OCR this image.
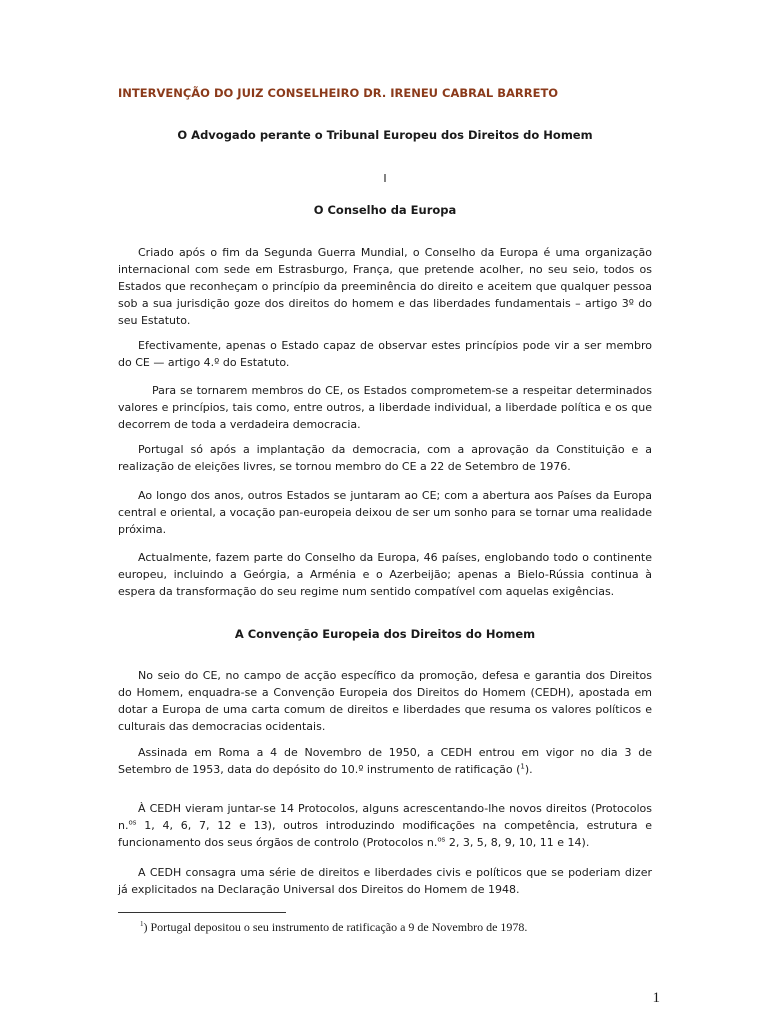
INTERVENÇÃO DO JUIZ CONSELHEIRO DR. IRENEU CABRAL BARRETO
O Advogado perante o Tribunal Europeu dos Direitos do Homem
I
O Conselho da Europa

Criado após o fim da Segunda Guerra Mundial, o Conselho da Europa é uma organização internacional com sede em Estrasburgo, França, que pretende acolher, no seu seio, todos os Estados que reconheçam o princípio da preeminência do direito e aceitem que qualquer pessoa sob a sua jurisdição goze dos direitos do homem e das liberdades fundamentais – artigo 3º do seu Estatuto.

Efectivamente, apenas o Estado capaz de observar estes princípios pode vir a ser membro do CE — artigo 4.º do Estatuto.

Para se tornarem membros do CE, os Estados comprometem-se a respeitar determinados valores e princípios, tais como, entre outros, a liberdade individual, a liberdade política e os que decorrem de toda a verdadeira democracia.

Portugal só após a implantação da democracia, com a aprovação da Constituição e a realização de eleições livres, se tornou membro do CE a 22 de Setembro de 1976.

Ao longo dos anos, outros Estados se juntaram ao CE; com a abertura aos Países da Europa central e oriental, a vocação pan-europeia deixou de ser um sonho para se tornar uma realidade próxima.

Actualmente, fazem parte do Conselho da Europa, 46 países, englobando todo o continente europeu, incluindo a Geórgia, a Arménia e o Azerbeijão; apenas a Bielo-Rússia continua à espera da transformação do seu regime num sentido compatível com aquelas exigências.

A Convenção Europeia dos Direitos do Homem

No seio do CE, no campo de acção específico da promoção, defesa e garantia dos Direitos do Homem, enquadra-se a Convenção Europeia dos Direitos do Homem (CEDH), apostada em dotar a Europa de uma carta comum de direitos e liberdades que resuma os valores políticos e culturais das democracias ocidentais.

Assinada em Roma a 4 de Novembro de 1950, a CEDH entrou em vigor no dia 3 de Setembro de 1953, data do depósito do 10.º instrumento de ratificação ($^1$).

À CEDH vieram juntar-se 14 Protocolos, alguns acrescentando-lhe novos direitos (Protocolos n.$^{os}$ 1, 4, 6, 7, 12 e 13), outros introduzindo modificações na competência, estrutura e funcionamento dos seus órgãos de controlo (Protocolos n.$^{os}$ 2, 3, 5, 8, 9, 10, 11 e 14).

A CEDH consagra uma série de direitos e liberdades civis e políticos que se poderiam dizer já explicitados na Declaração Universal dos Direitos do Homem de 1948.

$^1$) Portugal depositou o seu instrumento de ratificação a 9 de Novembro de 1978.
1
